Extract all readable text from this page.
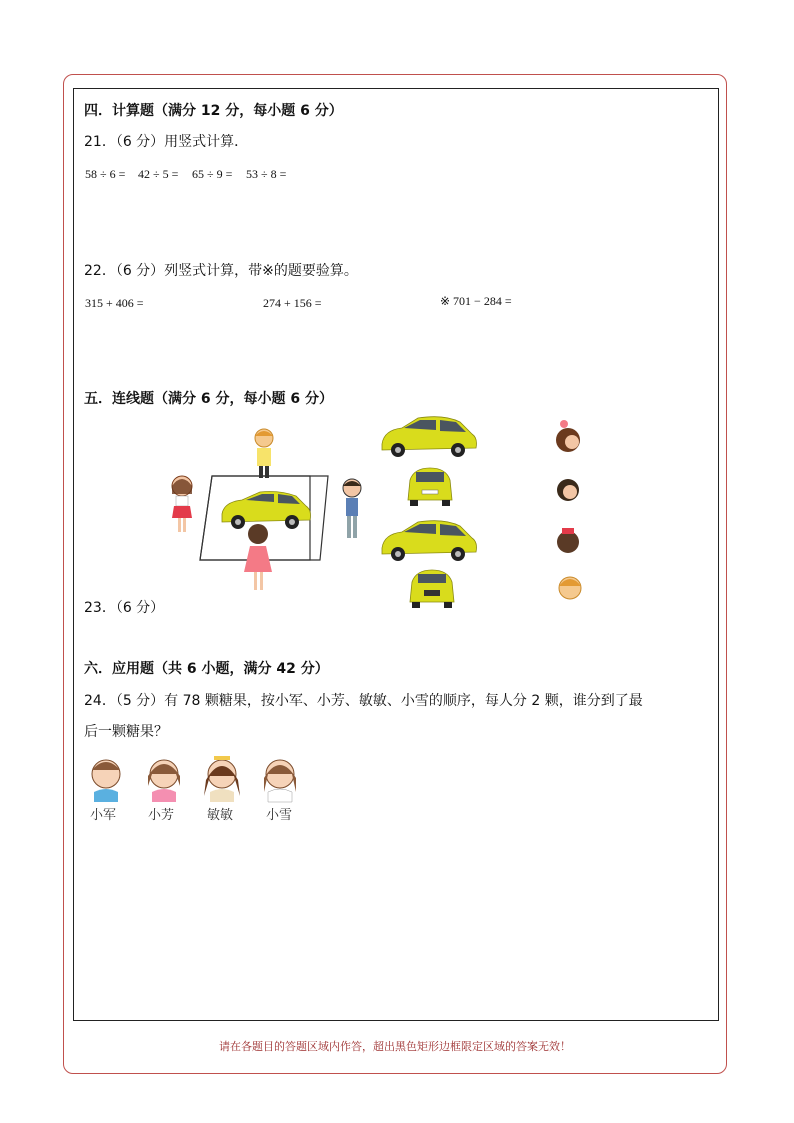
四．计算题（满分 12 分，每小题 6 分）
21．（6 分）用竖式计算．
58 ÷ 6 = 42 ÷ 5 = 65 ÷ 9 = 53 ÷ 8 =
22．（6 分）列竖式计算，带※的题要验算。
315 + 406 =	274 + 156 =	※ 701 − 284 =
五．连线题（满分 6 分，每小题 6 分）
23．（6 分）
六．应用题（共 6 小题，满分 42 分）
24．（5 分）有 78 颗糖果，按小军、小芳、敏敏、小雪的顺序，每人分 2 颗，谁分到了最
后一颗糖果？
小军 小芳	敏敏	小雪
请在各题目的答题区域内作答，超出黑色矩形边框限定区域的答案无效！
